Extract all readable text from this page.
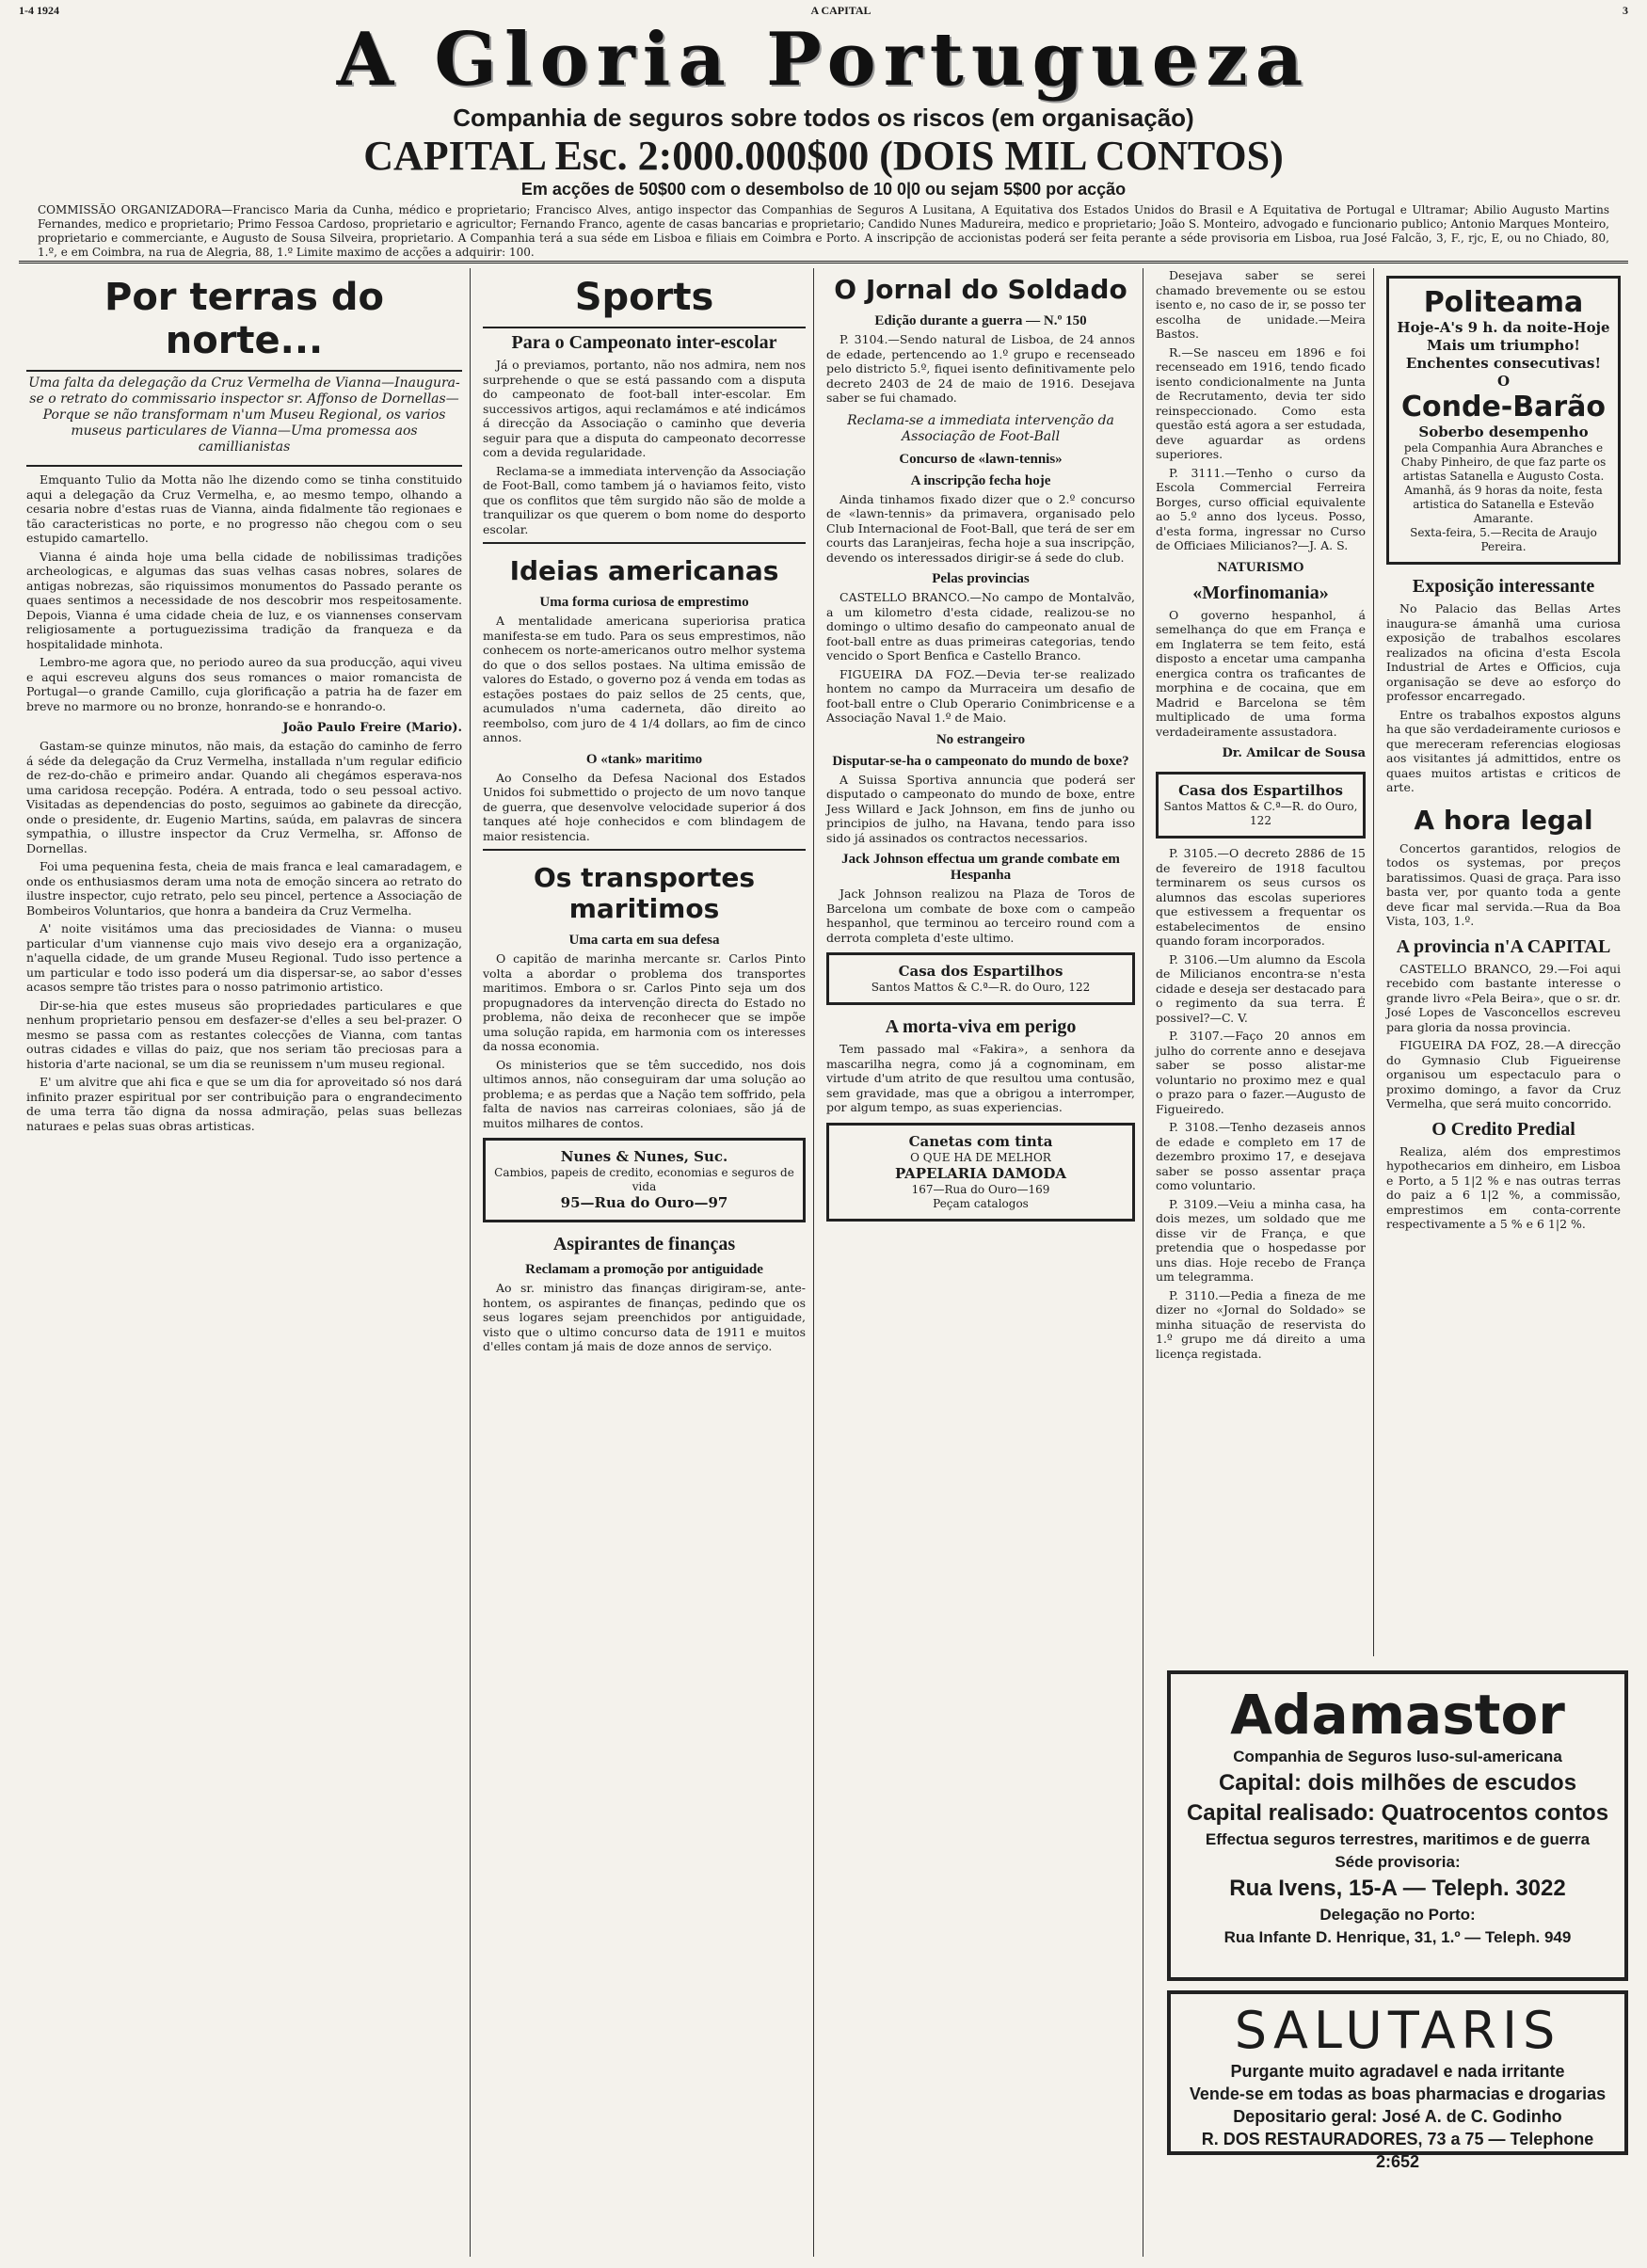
1-4 1924	A CAPITAL	3
A Gloria Portugueza
Companhia de seguros sobre todos os riscos (em organisação)
CAPITAL Esc. 2:000.000$00 (DOIS MIL CONTOS)
Em acções de 50$00 com o desembolso de 10 0|0 ou sejam 5$00 por acção
COMMISSÃO ORGANIZADORA—Francisco Maria da Cunha, médico e proprietario; Francisco Alves, antigo inspector das Companhias de Seguros A Lusitana, A Equitativa dos Estados Unidos do Brasil e A Equitativa de Portugal e Ultramar; Abilio Augusto Martins Fernandes, medico e proprietario; Primo Fessoa Cardoso, proprietario e agricultor; Fernando Franco, agente de casas bancarias e proprietario; Candido Nunes Madureira, medico e proprietario; João S. Monteiro, advogado e funcionario publico; Antonio Marques Monteiro, proprietario e commerciante, e Augusto de Sousa Silveira, proprietario. A Companhia terá a sua séde em Lisboa e filiais em Coimbra e Porto. A inscripção de accionistas poderá ser feita perante a séde provisoria em Lisboa, rua José Falcão, 3, F., rjc, E, ou no Chiado, 80, 1.º, e em Coimbra, na rua de Alegria, 88, 1.º Limite maximo de acções a adquirir: 100.
Por terras do norte...
Uma falta da delegação da Cruz Vermelha de Vianna—Inaugura-se o retrato do commissario inspector sr. Affonso de Dornellas—Porque se não transformam n'um Museu Regional, os varios museus particulares de Vianna—Uma promessa aos camillianistas

Emquanto Tulio da Motta não lhe dizendo como se tinha constituido aqui a delegação da Cruz Vermelha, e, ao mesmo tempo, olhando a cesaria nobre d'estas ruas de Vianna, ainda fidalmente tão regionaes e tão caracteristicas no porte, e no progresso não chegou com o seu estupido camartello.

Vianna é ainda hoje uma bella cidade de nobilissimas tradições archeologicas, e algumas das suas velhas casas nobres, solares de antigas nobrezas, são riquissimos monumentos do Passado perante os quaes sentimos a necessidade de nos descobrir mos respeitosamente. Depois, Vianna é uma cidade cheia de luz, e os viannenses conservam religiosamente a portuguezissima tradição da franqueza e da hospitalidade minhota.

Lembro-me agora que, no periodo aureo da sua producção, aqui viveu e aqui escreveu alguns dos seus romances o maior romancista de Portugal—o grande Camillo, cuja glorificação a patria ha de fazer em breve no marmore ou no bronze, honrando-se e honrando-o.

João Paulo Freire (Mario).

Gastam-se quinze minutos, não mais, da estação do caminho de ferro á séde da delegação da Cruz Vermelha, installada n'um regular edificio de rez-do-chão e primeiro andar. Quando ali chegámos esperava-nos uma caridosa recepção. Podéra. A entrada, todo o seu pessoal activo. Visitadas as dependencias do posto, seguimos ao gabinete da direcção, onde o presidente, dr. Eugenio Martins, saúda, em palavras de sincera sympathia, o illustre inspector da Cruz Vermelha, sr. Affonso de Dornellas.

Foi uma pequenina festa, cheia de mais franca e leal camaradagem, e onde os enthusiasmos deram uma nota de emoção sincera ao retrato do ilustre inspector, cujo retrato, pelo seu pincel, pertence a Associação de Bombeiros Voluntarios, que honra a bandeira da Cruz Vermelha.

A' noite visitámos uma das preciosidades de Vianna: o museu particular d'um viannense cujo mais vivo desejo era a organização, n'aquella cidade, de um grande Museu Regional. Tudo isso pertence a um particular e todo isso poderá um dia dispersar-se, ao sabor d'esses acasos sempre tão tristes para o nosso patrimonio artistico.

Dir-se-hia que estes museus são propriedades particulares e que nenhum proprietario pensou em desfazer-se d'elles a seu bel-prazer. O mesmo se passa com as restantes colecções de Vianna, com tantas outras cidades e villas do paiz, que nos seriam tão preciosas para a historia d'arte nacional, se um dia se reunissem n'um museu regional.

E' um alvitre que ahi fica e que se um dia for aproveitado só nos dará infinito prazer espiritual por ser contribuição para o engrandecimento de uma terra tão digna da nossa admiração, pelas suas bellezas naturaes e pelas suas obras artisticas.

Sports
Para o Campeonato inter-escolar

Já o previamos, portanto, não nos admira, nem nos surprehende o que se está passando com a disputa do campeonato de foot-ball inter-escolar. Em successivos artigos, aqui reclamámos e até indicámos á direcção da Associação o caminho que deveria seguir para que a disputa do campeonato decorresse com a devida regularidade.

Reclama-se a immediata intervenção da Associação de Foot-Ball, como tambem já o haviamos feito, visto que os conflitos que têm surgido não são de molde a tranquilizar os que querem o bom nome do desporto escolar.

Ideias americanas
Uma forma curiosa de emprestimo

A mentalidade americana superiorisa pratica manifesta-se em tudo. Para os seus emprestimos, não conhecem os norte-americanos outro melhor systema do que o dos sellos postaes. Na ultima emissão de valores do Estado, o governo poz á venda em todas as estações postaes do paiz sellos de 25 cents, que, acumulados n'uma caderneta, dão direito ao reembolso, com juro de 4 1/4 dollars, ao fim de cinco annos.

O «tank» maritimo

Ao Conselho da Defesa Nacional dos Estados Unidos foi submettido o projecto de um novo tanque de guerra, que desenvolve velocidade superior á dos tanques até hoje conhecidos e com blindagem de maior resistencia.

Os transportes maritimos
Uma carta em sua defesa

O capitão de marinha mercante sr. Carlos Pinto volta a abordar o problema dos transportes maritimos. Embora o sr. Carlos Pinto seja um dos propugnadores da intervenção directa do Estado no problema, não deixa de reconhecer que se impõe uma solução rapida, em harmonia com os interesses da nossa economia.

Os ministerios que se têm succedido, nos dois ultimos annos, não conseguiram dar uma solução ao problema; e as perdas que a Nação tem soffrido, pela falta de navios nas carreiras coloniaes, são já de muitos milhares de contos.

Nunes & Nunes, Suc.
Cambios, papeis de credito, economias e seguros de vida
95—Rua do Ouro—97
Aspirantes de finanças
Reclamam a promoção por antiguidade

Ao sr. ministro das finanças dirigiram-se, ante-hontem, os aspirantes de finanças, pedindo que os seus logares sejam preenchidos por antiguidade, visto que o ultimo concurso data de 1911 e muitos d'elles contam já mais de doze annos de serviço.

O Jornal do Soldado
Edição durante a guerra — N.º 150

P. 3104.—Sendo natural de Lisboa, de 24 annos de edade, pertencendo ao 1.º grupo e recenseado pelo districto 5.º, fiquei isento definitivamente pelo decreto 2403 de 24 de maio de 1916. Desejava saber se fui chamado.

Reclama-se a immediata intervenção da Associação de Foot-Ball
Concurso de «lawn-tennis»
A inscripção fecha hoje

Ainda tinhamos fixado dizer que o 2.º concurso de «lawn-tennis» da primavera, organisado pelo Club Internacional de Foot-Ball, que terá de ser em courts das Laranjeiras, fecha hoje a sua inscripção, devendo os interessados dirigir-se á sede do club.

Pelas provincias

CASTELLO BRANCO.—No campo de Montalvão, a um kilometro d'esta cidade, realizou-se no domingo o ultimo desafio do campeonato anual de foot-ball entre as duas primeiras categorias, tendo vencido o Sport Benfica e Castello Branco.

FIGUEIRA DA FOZ.—Devia ter-se realizado hontem no campo da Murraceira um desafio de foot-ball entre o Club Operario Conimbricense e a Associação Naval 1.º de Maio.

No estrangeiro
Disputar-se-ha o campeonato do mundo de boxe?

A Suissa Sportiva annuncia que poderá ser disputado o campeonato do mundo de boxe, entre Jess Willard e Jack Johnson, em fins de junho ou principios de julho, na Havana, tendo para isso sido já assinados os contractos necessarios.

Jack Johnson effectua um grande combate em Hespanha

Jack Johnson realizou na Plaza de Toros de Barcelona um combate de boxe com o campeão hespanhol, que terminou ao terceiro round com a derrota completa d'este ultimo.

Casa dos Espartilhos
Santos Mattos & C.ª—R. do Ouro, 122
A morta-viva em perigo

Tem passado mal «Fakira», a senhora da mascarilha negra, como já a cognominam, em virtude d'um atrito de que resultou uma contusão, sem gravidade, mas que a obrigou a interromper, por algum tempo, as suas experiencias.

Canetas com tinta
O QUE HA DE MELHOR
PAPELARIA DAMODA
167—Rua do Ouro—169
Peçam catalogos

Desejava saber se serei chamado brevemente ou se estou isento e, no caso de ir, se posso ter escolha de unidade.—Meira Bastos.

R.—Se nasceu em 1896 e foi recenseado em 1916, tendo ficado isento condicionalmente na Junta de Recrutamento, devia ter sido reinspeccionado. Como esta questão está agora a ser estudada, deve aguardar as ordens superiores.

P. 3111.—Tenho o curso da Escola Commercial Ferreira Borges, curso official equivalente ao 5.º anno dos lyceus. Posso, d'esta forma, ingressar no Curso de Officiaes Milicianos?—J. A. S.

NATURISMO
«Morfinomania»

O governo hespanhol, á semelhança do que em França e em Inglaterra se tem feito, está disposto a encetar uma campanha energica contra os traficantes de morphina e de cocaina, que em Madrid e Barcelona se têm multiplicado de uma forma verdadeiramente assustadora.

Dr. Amilcar de Sousa
Casa dos Espartilhos
Santos Mattos & C.ª—R. do Ouro, 122

P. 3105.—O decreto 2886 de 15 de fevereiro de 1918 facultou terminarem os seus cursos os alumnos das escolas superiores que estivessem a frequentar os estabelecimentos de ensino quando foram incorporados.

P. 3106.—Um alumno da Escola de Milicianos encontra-se n'esta cidade e deseja ser destacado para o regimento da sua terra. É possivel?—C. V.

P. 3107.—Faço 20 annos em julho do corrente anno e desejava saber se posso alistar-me voluntario no proximo mez e qual o prazo para o fazer.—Augusto de Figueiredo.

P. 3108.—Tenho dezaseis annos de edade e completo em 17 de dezembro proximo 17, e desejava saber se posso assentar praça como voluntario.

P. 3109.—Veiu a minha casa, ha dois mezes, um soldado que me disse vir de França, e que pretendia que o hospedasse por uns dias. Hoje recebo de França um telegramma.

P. 3110.—Pedia a fineza de me dizer no «Jornal do Soldado» se minha situação de reservista do 1.º grupo me dá direito a uma licença registada.

Politeama
Hoje-A's 9 h. da noite-Hoje
Mais um triumpho!
Enchentes consecutivas!
O
Conde-Barão
Soberbo desempenho
pela Companhia Aura Abranches e Chaby Pinheiro, de que faz parte os artistas Satanella e Augusto Costa.
Amanhã, ás 9 horas da noite, festa artistica do Satanella e Estevão Amarante.
Sexta-feira, 5.—Recita de Araujo Pereira.
Exposição interessante

No Palacio das Bellas Artes inaugura-se ámanhã uma curiosa exposição de trabalhos escolares realizados na oficina d'esta Escola Industrial de Artes e Officios, cuja organisação se deve ao esforço do professor encarregado.

Entre os trabalhos expostos alguns ha que são verdadeiramente curiosos e que mereceram referencias elogiosas aos visitantes já admittidos, entre os quaes muitos artistas e criticos de arte.

A hora legal

Concertos garantidos, relogios de todos os systemas, por preços baratissimos. Quasi de graça. Para isso basta ver, por quanto toda a gente deve ficar mal servida.—Rua da Boa Vista, 103, 1.º.

A provincia n'A CAPITAL

CASTELLO BRANCO, 29.—Foi aqui recebido com bastante interesse o grande livro «Pela Beira», que o sr. dr. José Lopes de Vasconcellos escreveu para gloria da nossa provincia.

FIGUEIRA DA FOZ, 28.—A direcção do Gymnasio Club Figueirense organisou um espectaculo para o proximo domingo, a favor da Cruz Vermelha, que será muito concorrido.

O Credito Predial

Realiza, além dos emprestimos hypothecarios em dinheiro, em Lisboa e Porto, a 5 1|2 % e nas outras terras do paiz a 6 1|2 %, a commissão, emprestimos em conta-corrente respectivamente a 5 % e 6 1|2 %.

Adamastor
Companhia de Seguros luso-sul-americana
Capital: dois milhões de escudos
Capital realisado: Quatrocentos contos
Effectua seguros terrestres, maritimos e de guerra
Séde provisoria:
Rua Ivens, 15-A — Teleph. 3022
Delegação no Porto:
Rua Infante D. Henrique, 31, 1.º — Teleph. 949
SALUTARIS
Purgante muito agradavel e nada irritante
Vende-se em todas as boas pharmacias e drogarias
Depositario geral: José A. de C. Godinho
R. DOS RESTAURADORES, 73 a 75 — Telephone 2:652
